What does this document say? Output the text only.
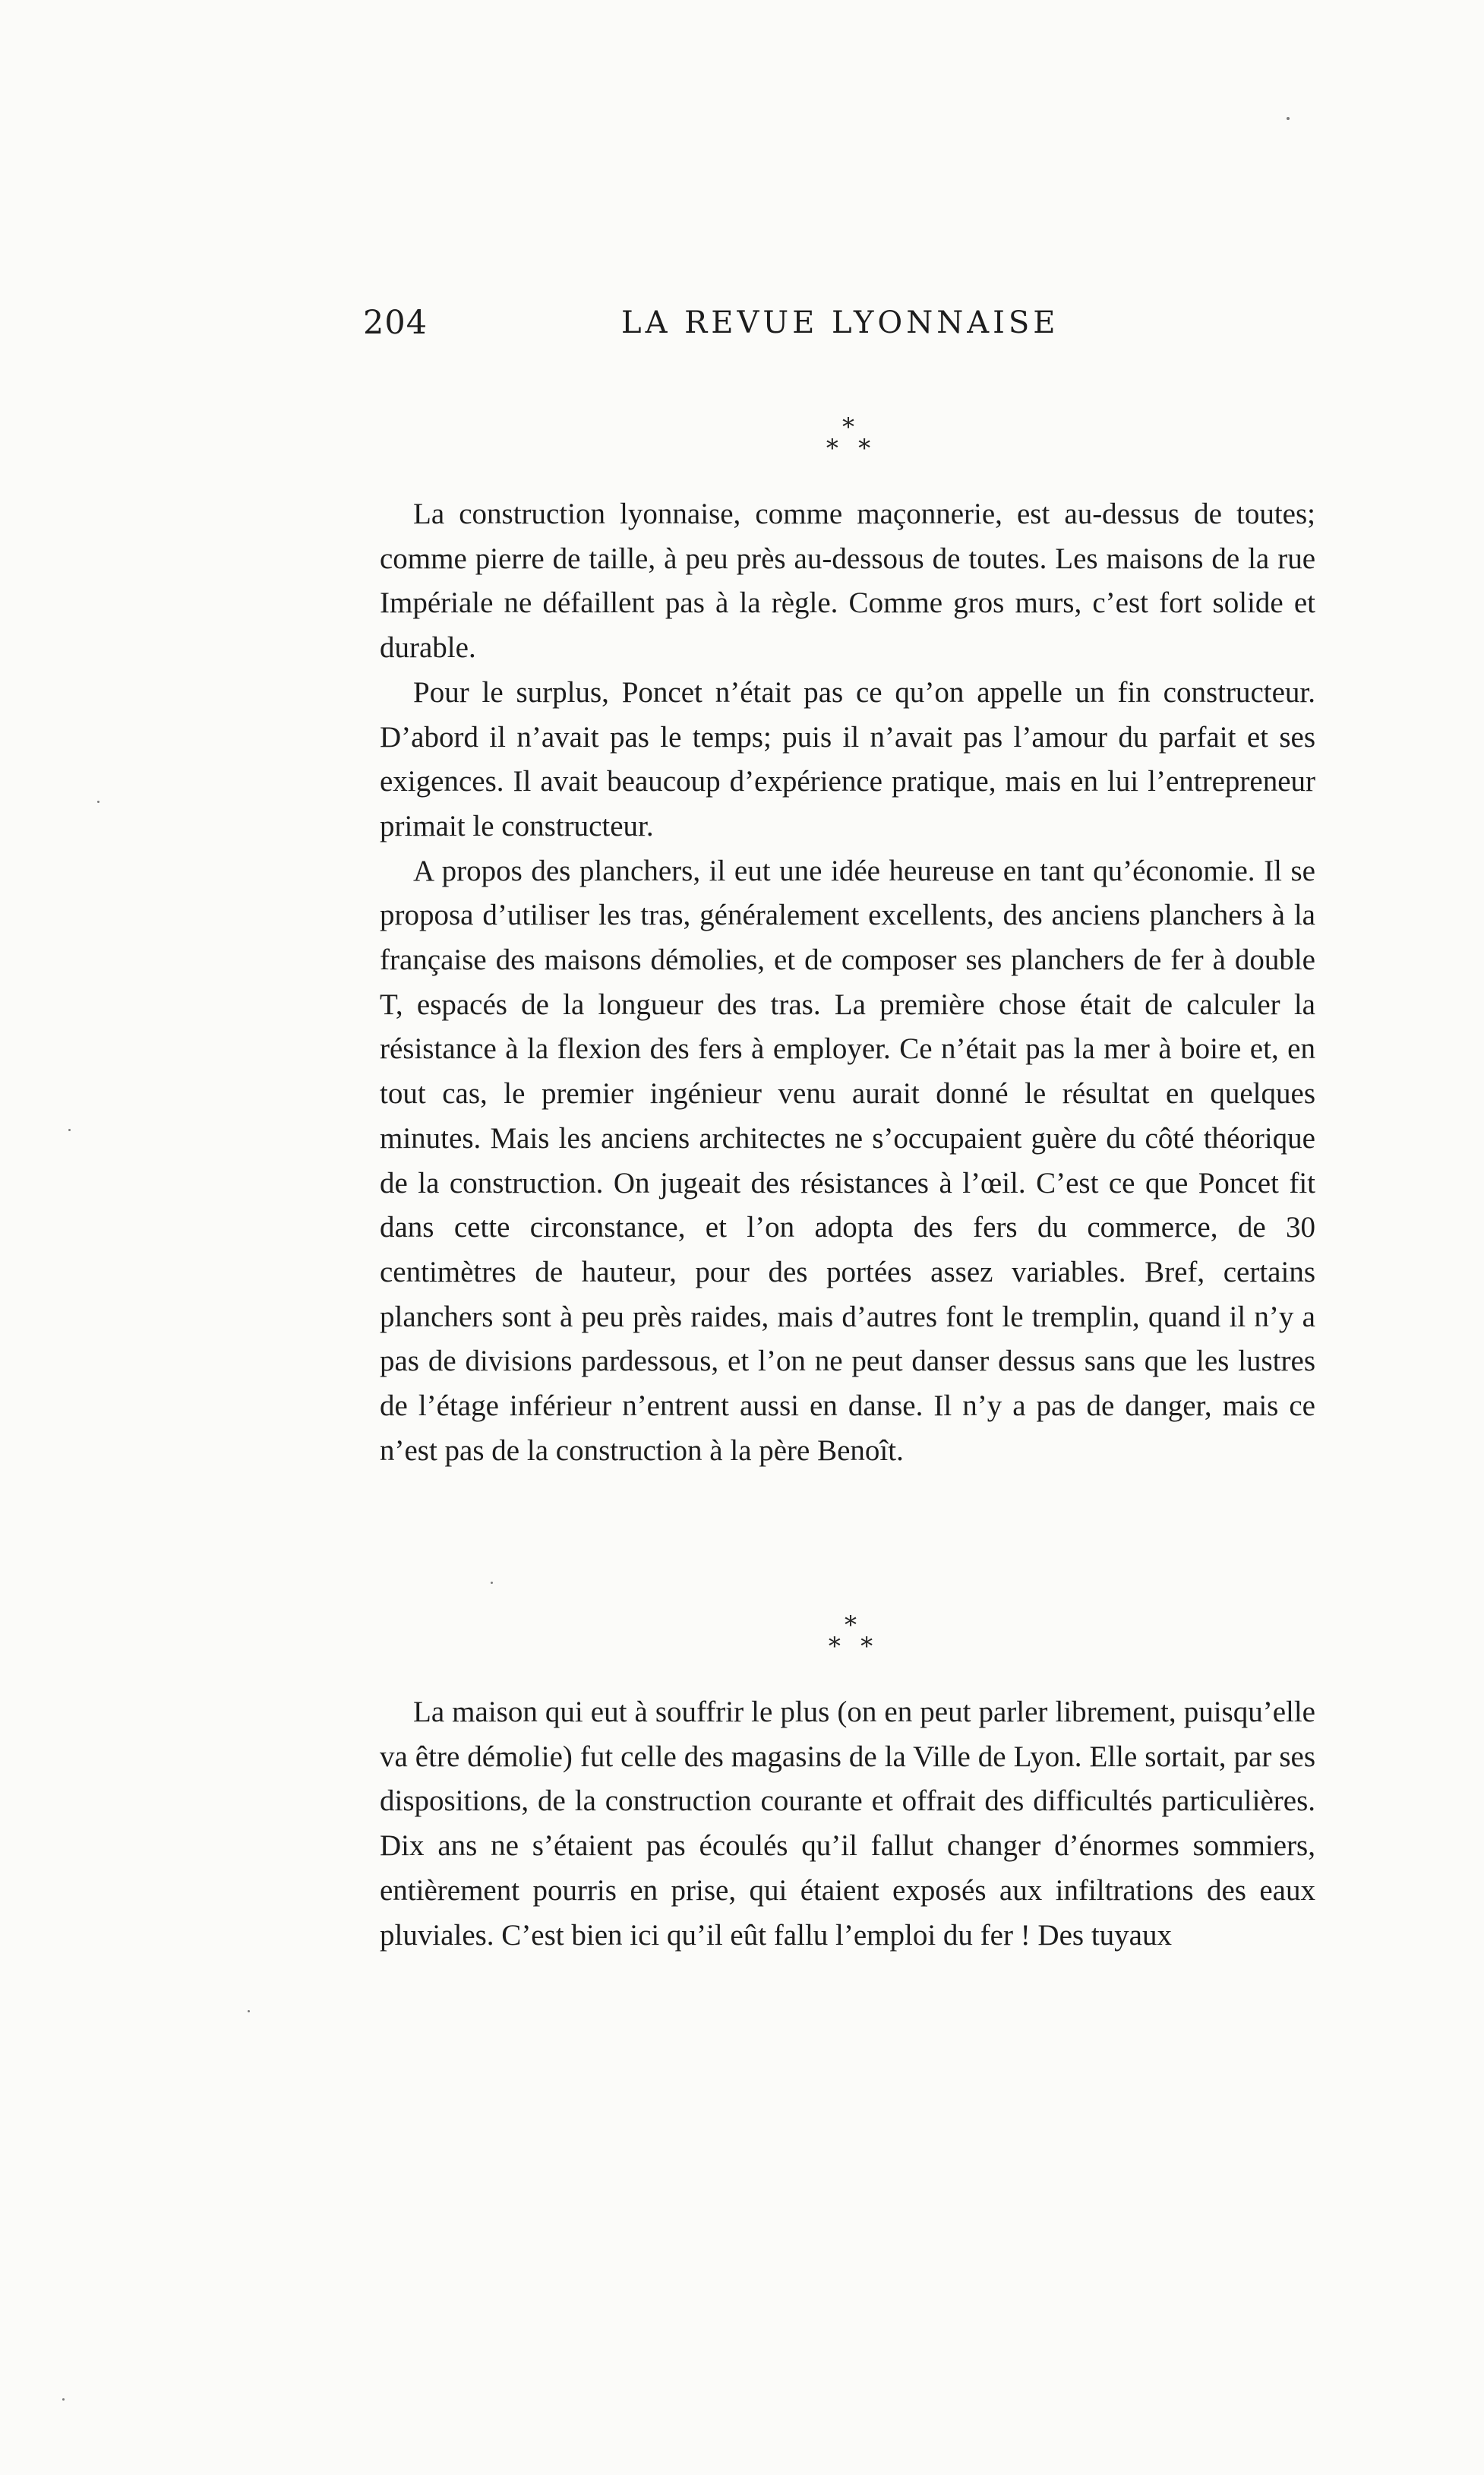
204	LA REVUE LYONNAISE
*
* *

La construction lyonnaise, comme maçonnerie, est au-dessus de toutes; comme pierre de taille, à peu près au-dessous de toutes. Les maisons de la rue Impériale ne défaillent pas à la règle. Comme gros murs, c’est fort solide et durable.

Pour le surplus, Poncet n’était pas ce qu’on appelle un fin constructeur. D’abord il n’avait pas le temps; puis il n’avait pas l’amour du parfait et ses exigences. Il avait beaucoup d’expérience pratique, mais en lui l’entrepreneur primait le constructeur.

A propos des planchers, il eut une idée heureuse en tant qu’économie. Il se proposa d’utiliser les tras, généralement excellents, des anciens planchers à la française des maisons démolies, et de composer ses planchers de fer à double T, espacés de la longueur des tras. La première chose était de calculer la résistance à la flexion des fers à employer. Ce n’était pas la mer à boire et, en tout cas, le premier ingénieur venu aurait donné le résultat en quelques minutes. Mais les anciens architectes ne s’occupaient guère du côté théorique de la construction. On jugeait des résistances à l’œil. C’est ce que Poncet fit dans cette circonstance, et l’on adopta des fers du commerce, de 30 centimètres de hauteur, pour des portées assez variables. Bref, certains planchers sont à peu près raides, mais d’autres font le tremplin, quand il n’y a pas de divisions pardessous, et l’on ne peut danser dessus sans que les lustres de l’étage inférieur n’entrent aussi en danse. Il n’y a pas de danger, mais ce n’est pas de la construction à la père Benoît.

*
* *

La maison qui eut à souffrir le plus (on en peut parler librement, puisqu’elle va être démolie) fut celle des magasins de la Ville de Lyon. Elle sortait, par ses dispositions, de la construction courante et offrait des difficultés particulières. Dix ans ne s’étaient pas écoulés qu’il fallut changer d’énormes sommiers, entièrement pourris en prise, qui étaient exposés aux infiltrations des eaux pluviales. C’est bien ici qu’il eût fallu l’emploi du fer ! Des tuyaux
